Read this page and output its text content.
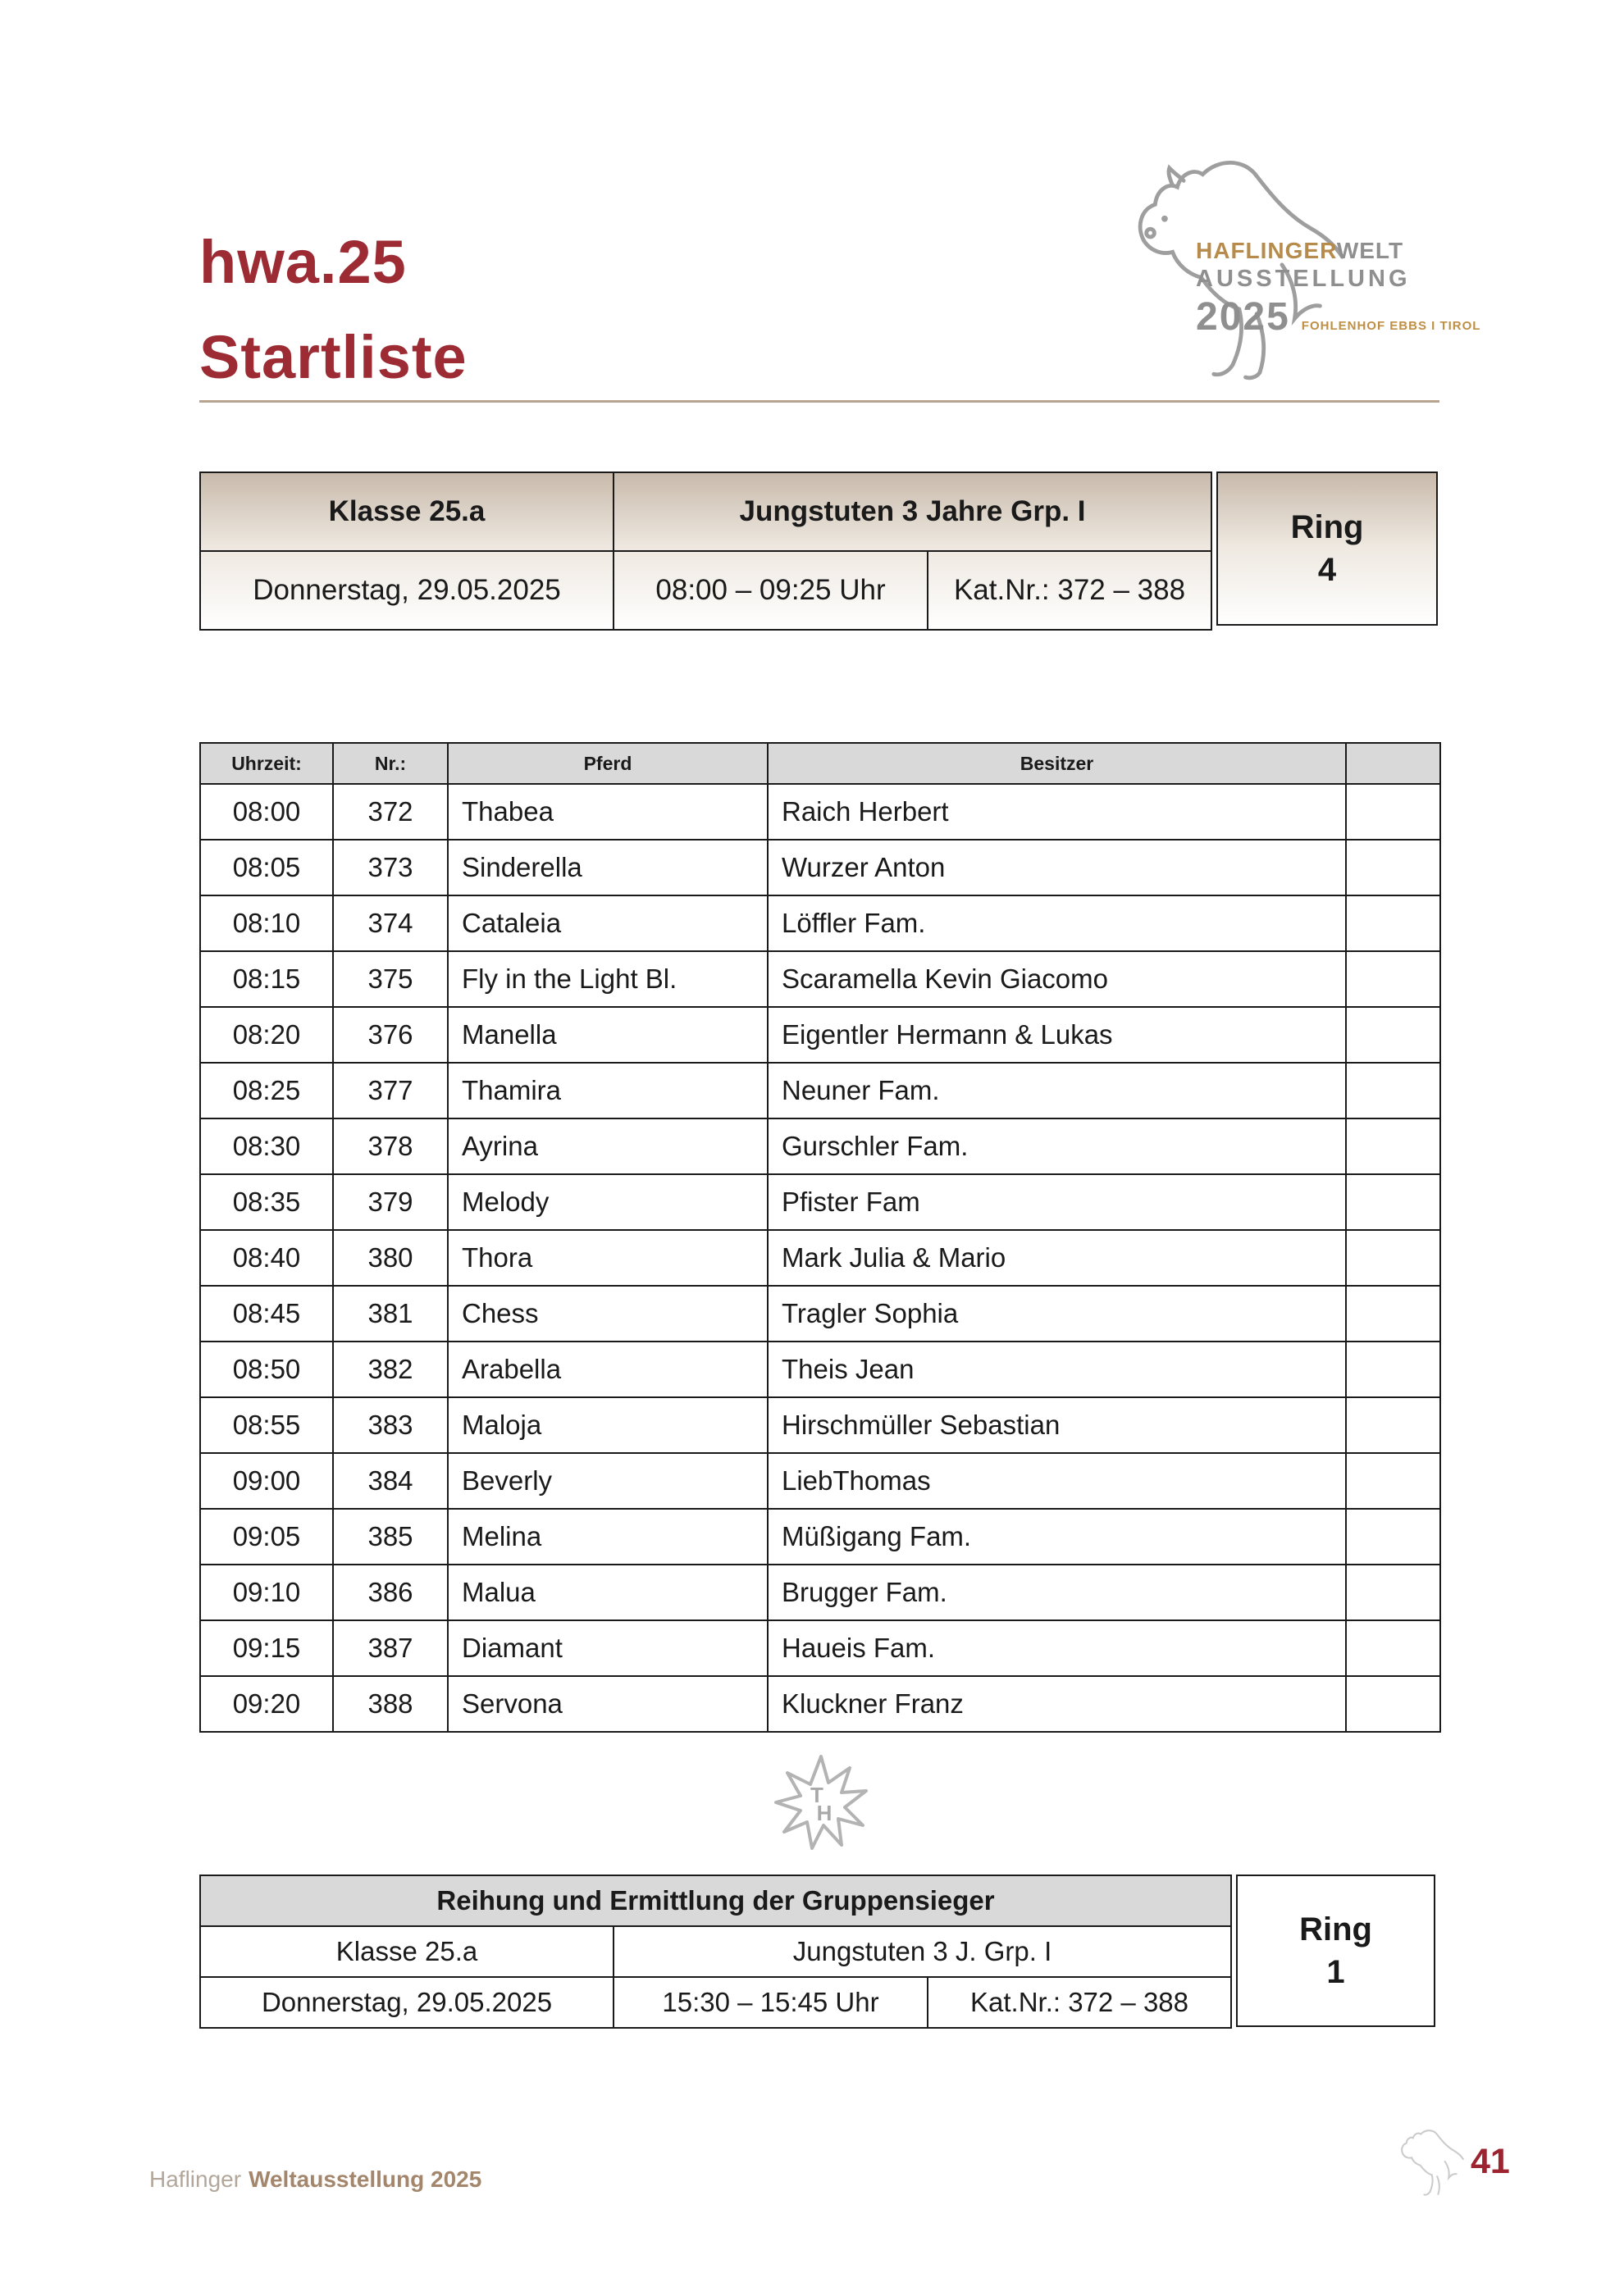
hwa.25
Startliste
HAFLINGERWELT
AUSSTELLUNG
2025 FOHLENHOF EBBS I TIROL
Klasse 25.a	Jungstuten 3 Jahre Grp. I	
Donnerstag, 29.05.2025	08:00 – 09:25 Uhr	Kat.Nr.: 372 – 388
Ring
4
Uhrzeit:	Nr.:	Pferd	Besitzer	
08:00	372	Thabea	Raich Herbert	
08:05	373	Sinderella	Wurzer Anton	
08:10	374	Cataleia	Löffler Fam.	
08:15	375	Fly in the Light Bl.	Scaramella Kevin Giacomo	
08:20	376	Manella	Eigentler Hermann & Lukas	
08:25	377	Thamira	Neuner Fam.	
08:30	378	Ayrina	Gurschler Fam.	
08:35	379	Melody	Pfister Fam	
08:40	380	Thora	Mark Julia & Mario	
08:45	381	Chess	Tragler Sophia	
08:50	382	Arabella	Theis Jean	
08:55	383	Maloja	Hirschmüller Sebastian	
09:00	384	Beverly	LiebThomas	
09:05	385	Melina	Müßigang Fam.	
09:10	386	Malua	Brugger Fam.	
09:15	387	Diamant	Haueis Fam.	
09:20	388	Servona	Kluckner Franz	
T
H
Reihung und Ermittlung der Gruppensieger		
Klasse 25.a	Jungstuten 3 J. Grp. I	
Donnerstag, 29.05.2025	15:30 – 15:45 Uhr	Kat.Nr.: 372 – 388
Ring
1
Haflinger Weltausstellung 2025	41
